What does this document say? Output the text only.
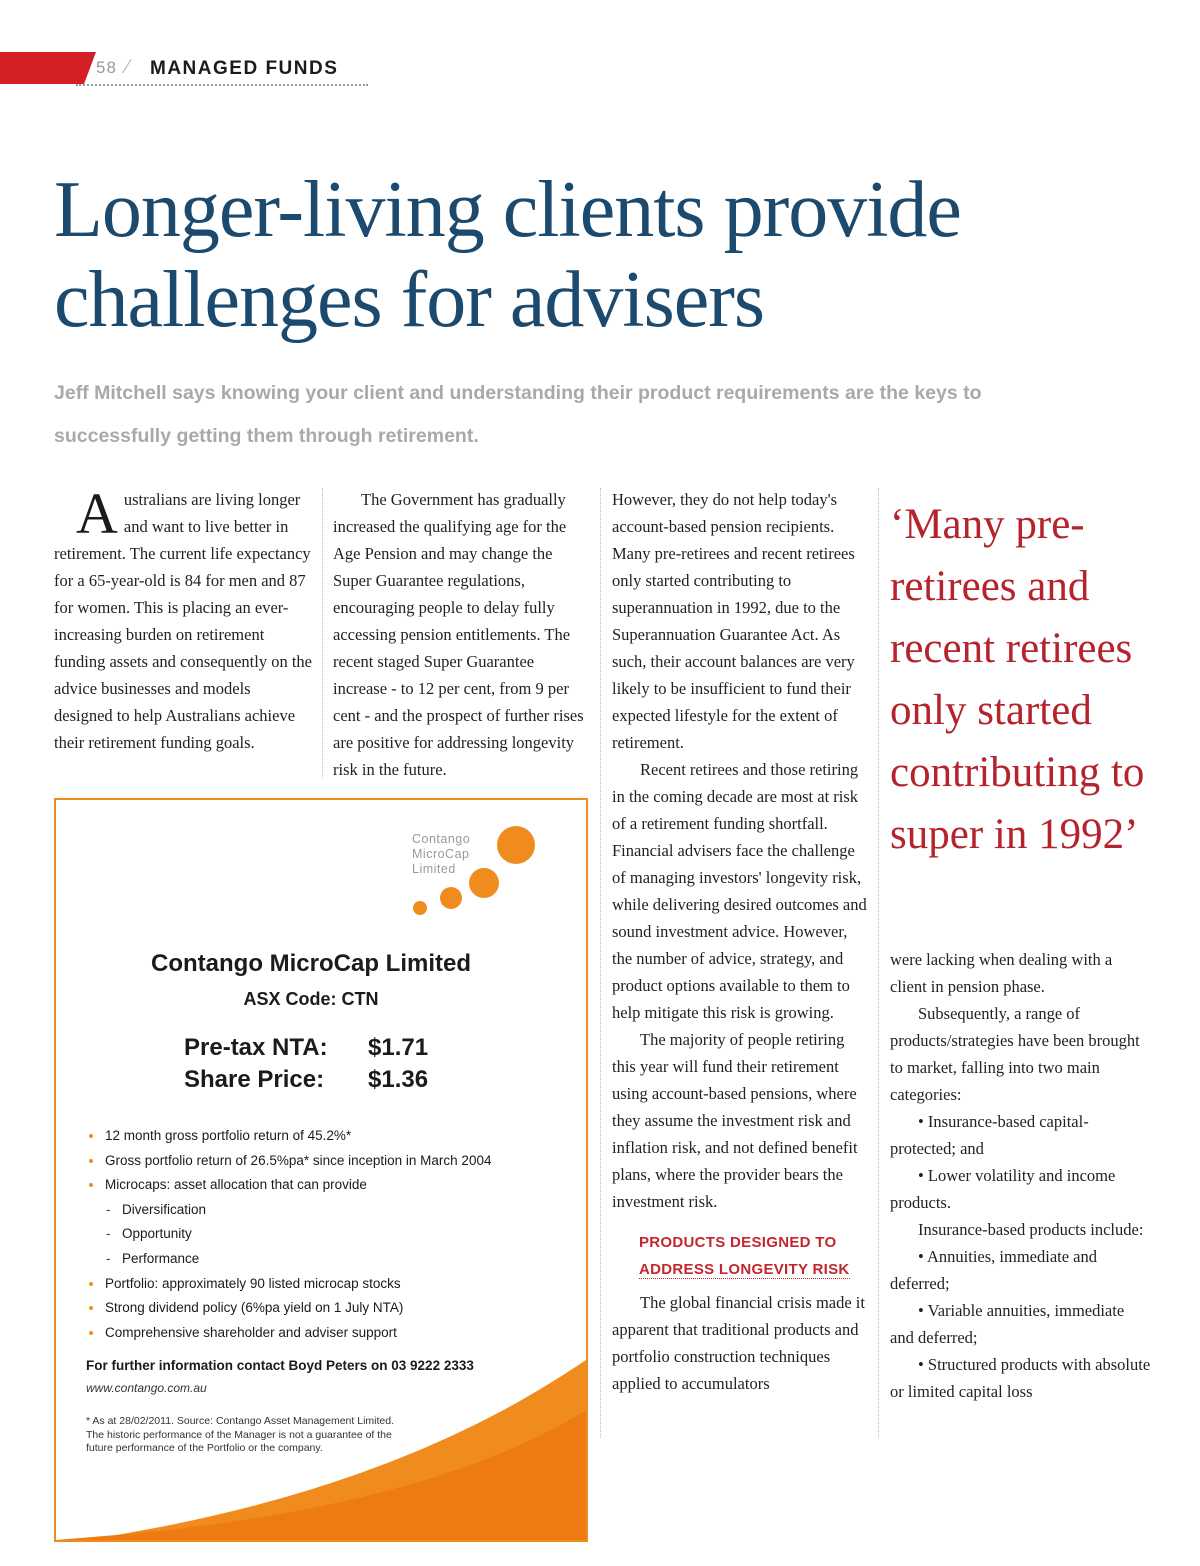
58 ⁄ MANAGED FUNDS
Longer-living clients provide
challenges for advisers

Jeff Mitchell says knowing your client and understanding their product requirements are the keys to
successfully getting them through retirement.

A ustralians are living longer and want to live better in retirement. The current life expectancy for a 65-year-old is 84 for men and 87 for women. This is placing an ever-increasing burden on retirement funding assets and consequently on the advice businesses and models designed to help Australians achieve their retirement funding goals.

The Government has gradually increased the qualifying age for the Age Pension and may change the Super Guarantee regulations, encouraging people to delay fully accessing pension entitlements. The recent staged Super Guarantee increase - to 12 per cent, from 9 per cent - and the prospect of further rises are positive for addressing longevity risk in the future.

However, they do not help today's account-based pension recipients. Many pre-retirees and recent retirees only started contributing to superannuation in 1992, due to the Superannuation Guarantee Act. As such, their account balances are very likely to be insufficient to fund their expected lifestyle for the extent of retirement.

Recent retirees and those retiring in the coming decade are most at risk of a retirement funding shortfall. Financial advisers face the challenge of managing investors' longevity risk, while delivering desired outcomes and sound investment advice. However, the number of advice, strategy, and product options available to them to help mitigate this risk is growing.

The majority of people retiring this year will fund their retirement using account-based pensions, where they assume the investment risk and inflation risk, and not defined benefit plans, where the provider bears the investment risk.

PRODUCTS DESIGNED TO
ADDRESS LONGEVITY RISK

The global financial crisis made it apparent that traditional products and portfolio construction techniques applied to accumulators

‘Many pre-retirees and recent retirees only started contributing to super in 1992’

were lacking when dealing with a client in pension phase.

Subsequently, a range of products/strategies have been brought to market, falling into two main categories:

• Insurance-based capital-protected; and

• Lower volatility and income products.

Insurance-based products include:

• Annuities, immediate and deferred;

• Variable annuities, immediate and deferred;

• Structured products with absolute or limited capital loss

Contango
MicroCap
Limited
Contango MicroCap Limited
ASX Code: CTN
Pre-tax NTA: $1.71
Share Price: $1.36
12 month gross portfolio return of 45.2%*
Gross portfolio return of 26.5%pa* since inception in March 2004
Microcaps: asset allocation that can provide
- Diversification
- Opportunity
- Performance
Portfolio: approximately 90 listed microcap stocks
Strong dividend policy (6%pa yield on 1 July NTA)
Comprehensive shareholder and adviser support
For further information contact Boyd Peters on 03 9222 2333
www.contango.com.au
* As at 28/02/2011. Source: Contango Asset Management Limited. The historic performance of the Manager is not a guarantee of the future performance of the Portfolio or the company.
